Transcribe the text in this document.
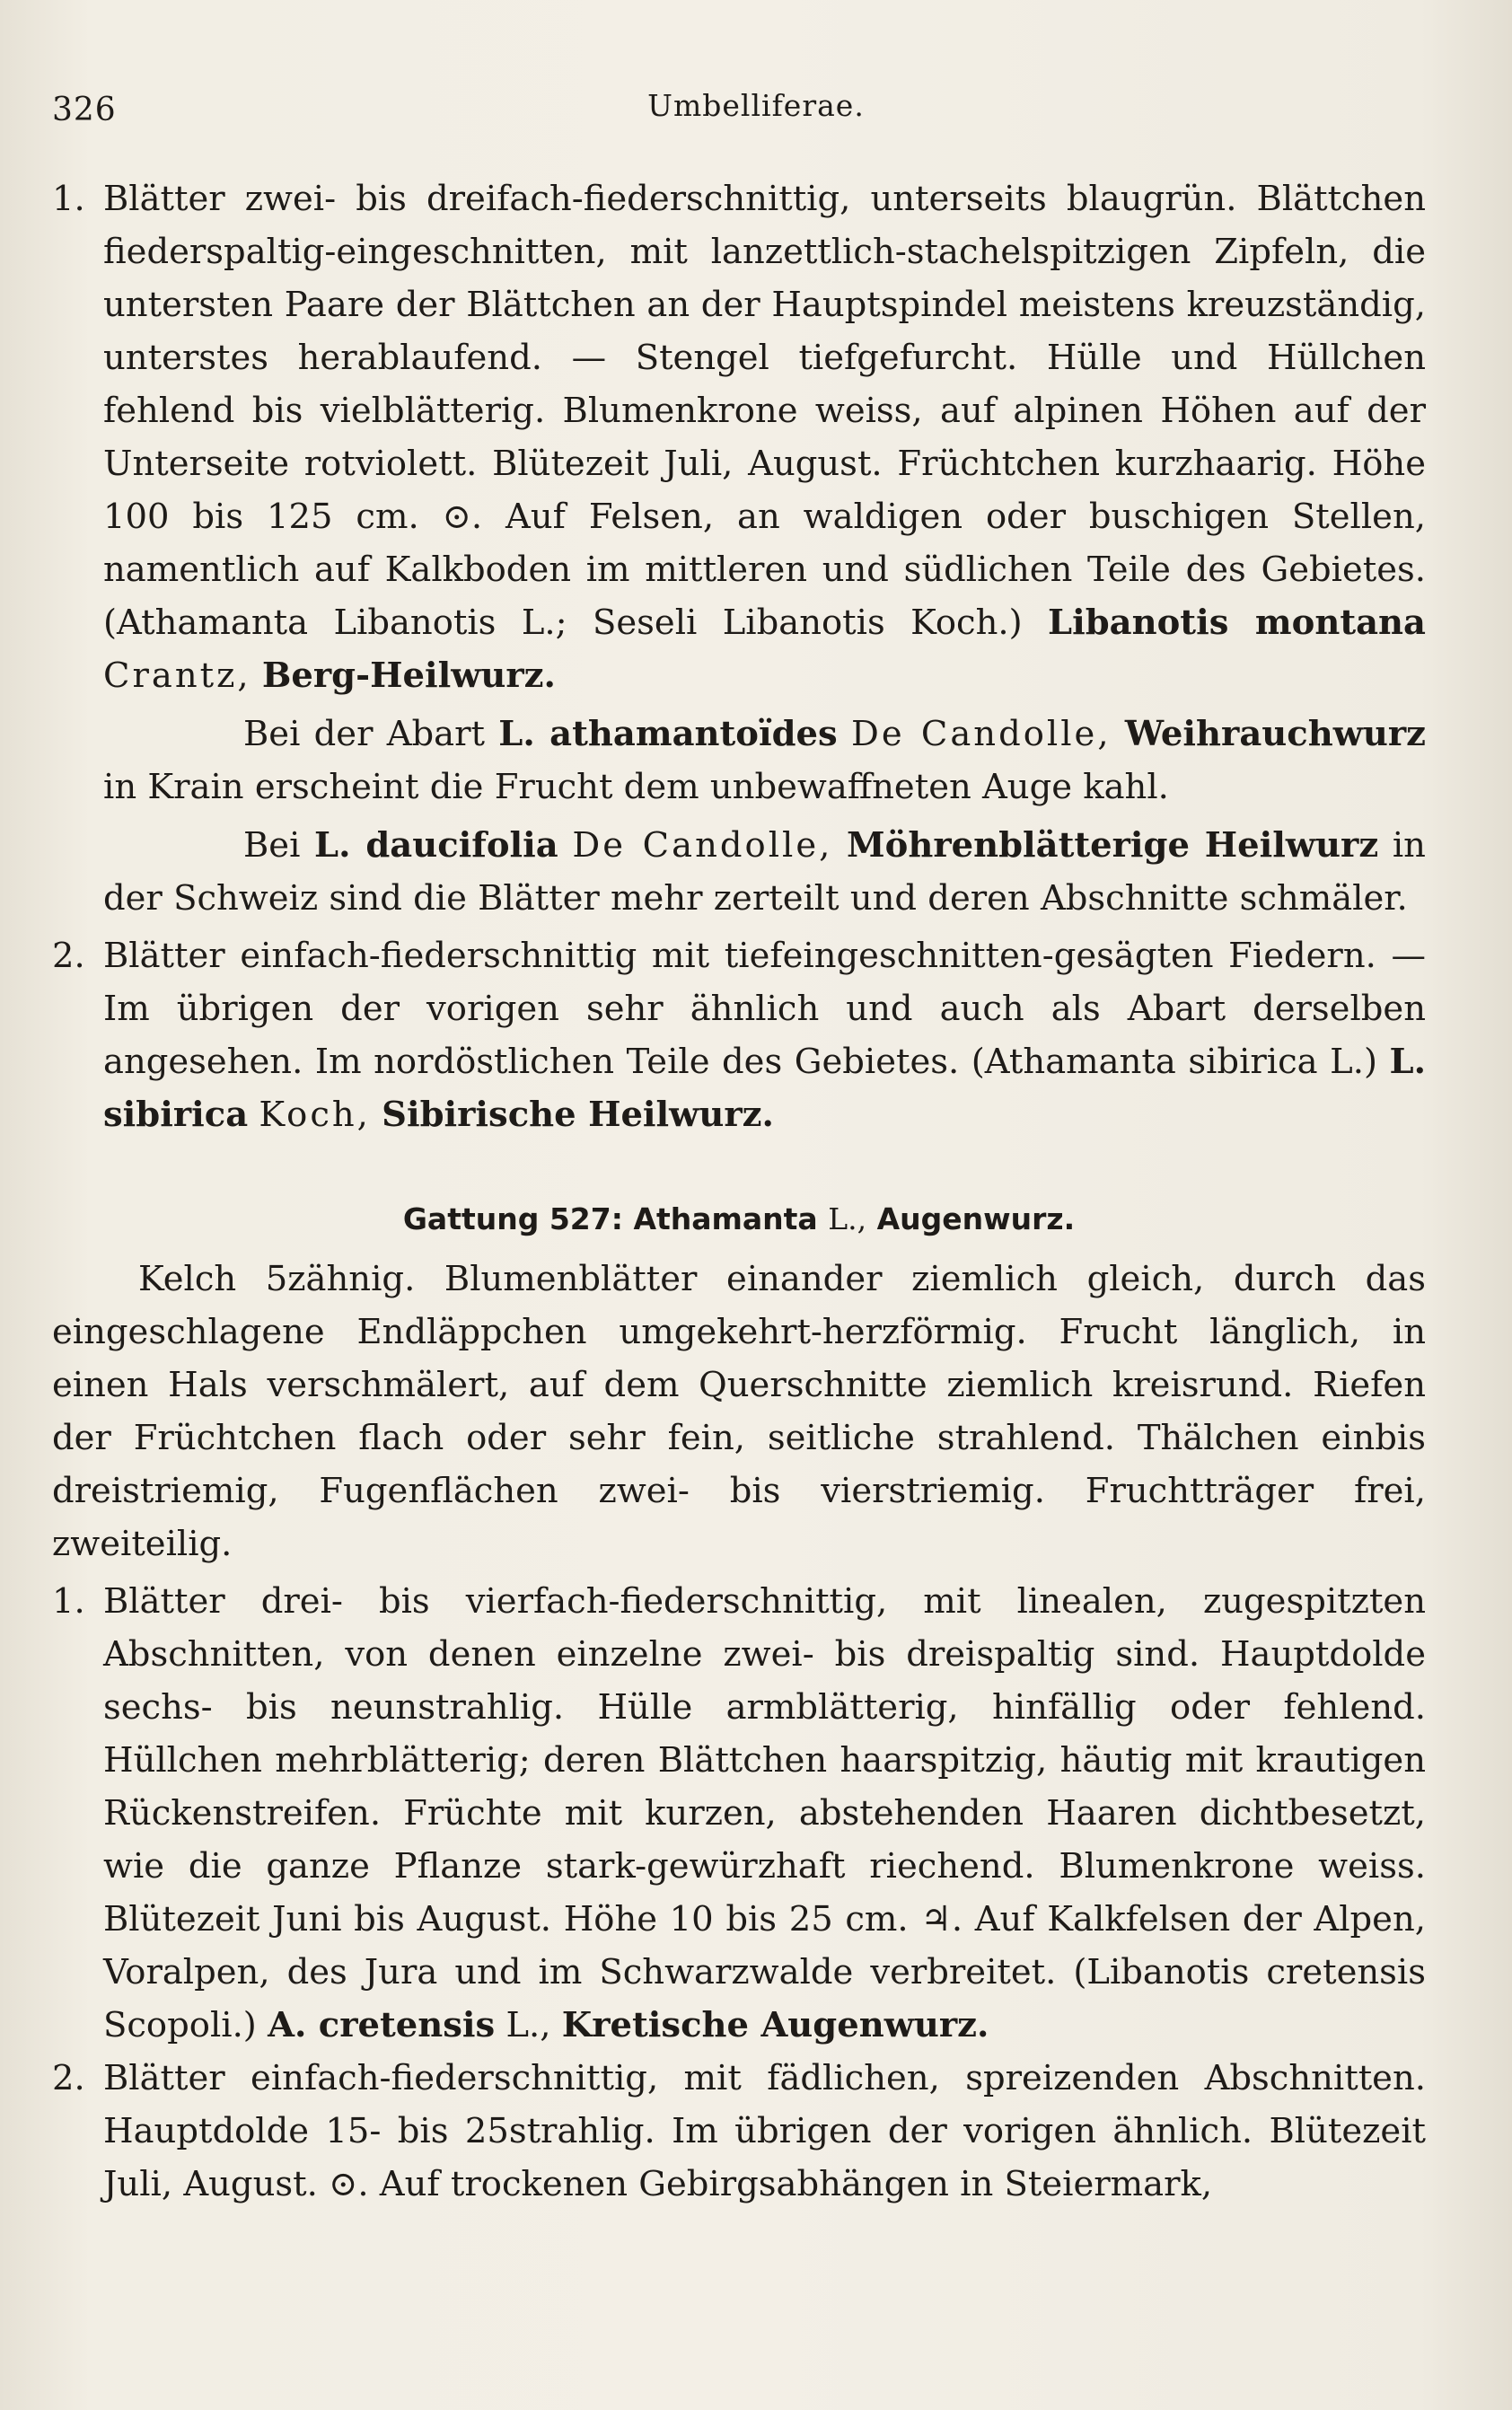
326	Umbelliferae.
1. Blätter zwei- bis dreifach-fiederschnittig, unterseits blaugrün. Blättchen fiederspaltig-eingeschnitten, mit lanzettlich-stachelspitzigen Zipfeln, die untersten Paare der Blättchen an der Hauptspindel meistens kreuzständig, unterstes herablaufend. — Stengel tiefgefurcht. Hülle und Hüllchen fehlend bis vielblätterig. Blumenkrone weiss, auf alpinen Höhen auf der Unterseite rotviolett. Blütezeit Juli, August. Früchtchen kurzhaarig. Höhe 100 bis 125 cm. ⊙. Auf Felsen, an waldigen oder buschigen Stellen, namentlich auf Kalkboden im mittleren und südlichen Teile des Gebietes. (Athamanta Libanotis L.; Seseli Libanotis Koch.) Libanotis montana Crantz, Berg-Heilwurz.
Bei der Abart L. athamantoïdes De Candolle, Weihrauchwurz in Krain erscheint die Frucht dem unbewaffneten Auge kahl.
Bei L. daucifolia De Candolle, Möhrenblätterige Heilwurz in der Schweiz sind die Blätter mehr zerteilt und deren Abschnitte schmäler.
2. Blätter einfach-fiederschnittig mit tiefeingeschnitten-gesägten Fiedern. — Im übrigen der vorigen sehr ähnlich und auch als Abart derselben angesehen. Im nordöstlichen Teile des Gebietes. (Athamanta sibirica L.) L. sibirica Koch, Sibirische Heilwurz.
Gattung 527: Athamanta L., Augenwurz.
Kelch 5zähnig. Blumenblätter einander ziemlich gleich, durch das eingeschlagene Endläppchen umgekehrt-herzförmig. Frucht länglich, in einen Hals verschmälert, auf dem Querschnitte ziemlich kreisrund. Riefen der Früchtchen flach oder sehr fein, seitliche strahlend. Thälchen einbis dreistriemig, Fugenflächen zwei- bis vierstriemig. Fruchtträger frei, zweiteilig.
1. Blätter drei- bis vierfach-fiederschnittig, mit linealen, zugespitzten Abschnitten, von denen einzelne zwei- bis dreispaltig sind. Hauptdolde sechs- bis neunstrahlig. Hülle armblätterig, hinfällig oder fehlend. Hüllchen mehrblätterig; deren Blättchen haarspitzig, häutig mit krautigen Rückenstreifen. Früchte mit kurzen, abstehenden Haaren dichtbesetzt, wie die ganze Pflanze stark-gewürzhaft riechend. Blumenkrone weiss. Blütezeit Juni bis August. Höhe 10 bis 25 cm. ♃. Auf Kalkfelsen der Alpen, Voralpen, des Jura und im Schwarzwalde verbreitet. (Libanotis cretensis Scopoli.) A. cretensis L., Kretische Augenwurz.
2. Blätter einfach-fiederschnittig, mit fädlichen, spreizenden Abschnitten. Hauptdolde 15- bis 25strahlig. Im übrigen der vorigen ähnlich. Blütezeit Juli, August. ⊙. Auf trockenen Gebirgsabhängen in Steiermark,
